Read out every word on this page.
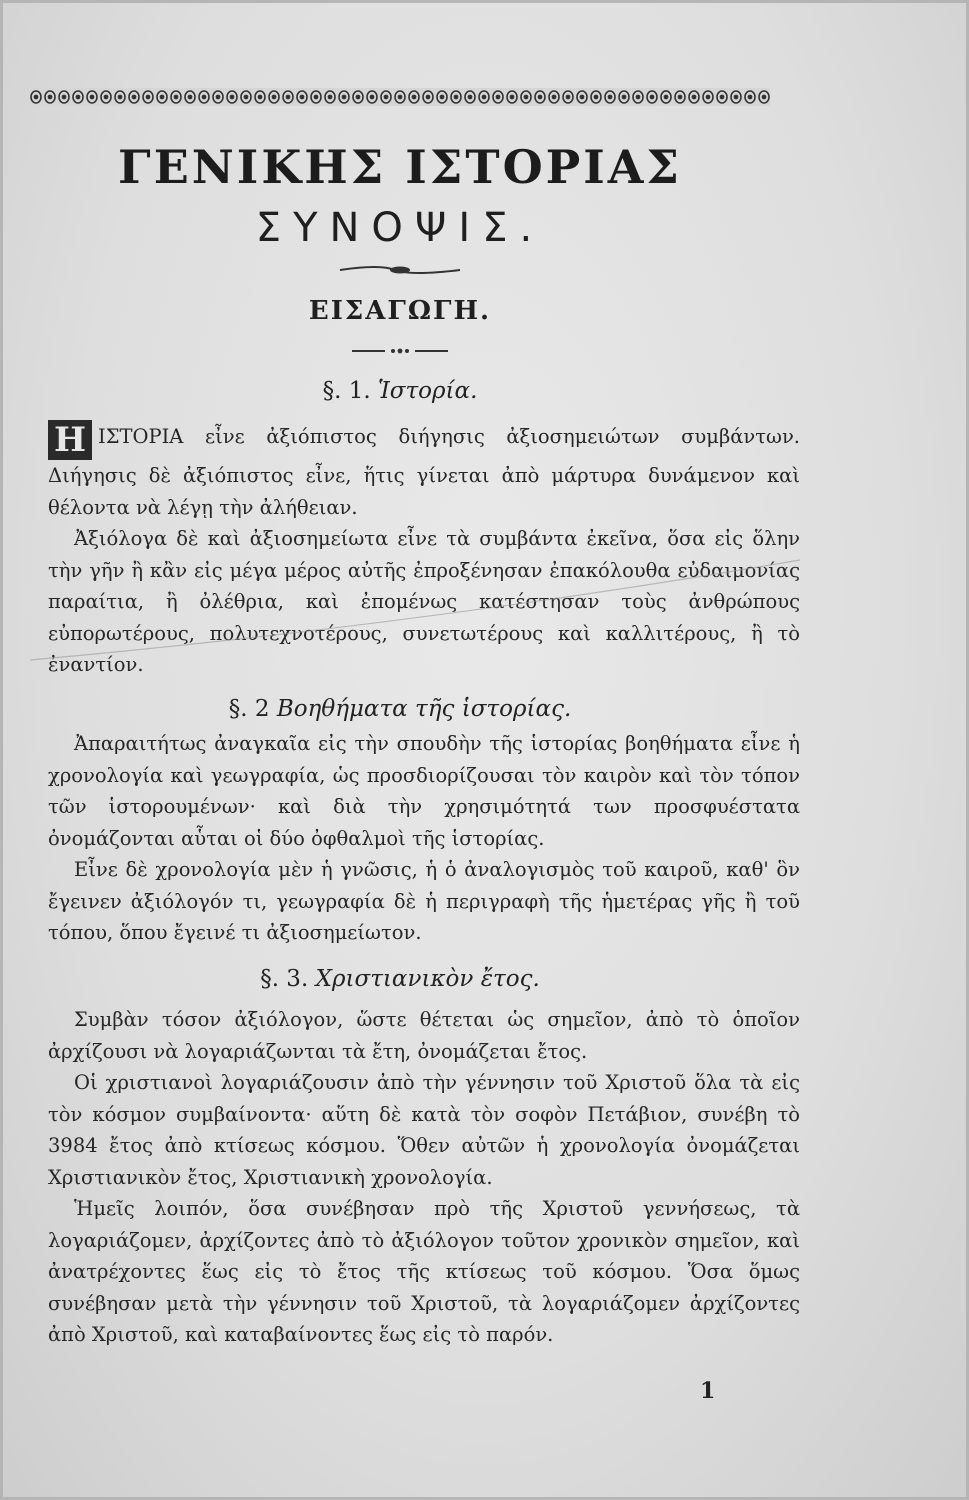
ΓΕΝΙΚΗΣ ΙΣΤΟΡΙΑΣ
ΣΥΝΟΨΙΣ.
ΕΙΣΑΓΩΓΗ.
§. 1. Ἱστορία.

Η ΙΣΤΟΡΙΑ εἶνε ἀξιόπιστος διήγησις ἀξιοσημειώτων συμβάντων. Διήγησις δὲ ἀξιόπιστος εἶνε, ἥτις γίνεται ἀπὸ μάρτυρα δυνάμενον καὶ θέλοντα νὰ λέγῃ τὴν ἀλήθειαν.

Ἀξιόλογα δὲ καὶ ἀξιοσημείωτα εἶνε τὰ συμβάντα ἐκεῖνα, ὅσα εἰς ὅλην τὴν γῆν ἢ κἂν εἰς μέγα μέρος αὐτῆς ἐπροξένησαν ἐπακόλουθα εὐδαιμονίας παραίτια, ἢ ὀλέθρια, καὶ ἐπομένως κατέστησαν τοὺς ἀνθρώπους εὐπορωτέρους, πολυτεχνοτέρους, συνετωτέρους καὶ καλλιτέρους, ἢ τὸ ἐναντίον.

§. 2 Βοηθήματα τῆς ἱστορίας.

Ἀπαραιτήτως ἀναγκαῖα εἰς τὴν σπουδὴν τῆς ἱστορίας βοηθήματα εἶνε ἡ χρονολογία καὶ γεωγραφία, ὡς προσδιορίζουσαι τὸν καιρὸν καὶ τὸν τόπον τῶν ἱστορουμένων· καὶ διὰ τὴν χρησιμότητά των προσφυέστατα ὀνομάζονται αὗται οἱ δύο ὀφθαλμοὶ τῆς ἱστορίας.

Εἶνε δὲ χρονολογία μὲν ἡ γνῶσις, ἡ ὁ ἀναλογισμὸς τοῦ καιροῦ, καθ' ὃν ἔγεινεν ἀξιόλογόν τι, γεωγραφία δὲ ἡ περιγραφὴ τῆς ἡμετέρας γῆς ἢ τοῦ τόπου, ὅπου ἔγεινέ τι ἀξιοσημείωτον.

§. 3. Χριστιανικὸν ἔτος.

Συμβὰν τόσον ἀξιόλογον, ὥστε θέτεται ὡς σημεῖον, ἀπὸ τὸ ὁποῖον ἀρχίζουσι νὰ λογαριάζωνται τὰ ἔτη, ὀνομάζεται ἔτος.

Οἱ χριστιανοὶ λογαριάζουσιν ἀπὸ τὴν γέννησιν τοῦ Χριστοῦ ὅλα τὰ εἰς τὸν κόσμον συμβαίνοντα· αὕτη δὲ κατὰ τὸν σοφὸν Πετάβιον, συνέβη τὸ 3984 ἔτος ἀπὸ κτίσεως κόσμου. Ὅθεν αὐτῶν ἡ χρονολογία ὀνομάζεται Χριστιανικὸν ἔτος, Χριστιανικὴ χρονολογία.

Ἡμεῖς λοιπόν, ὅσα συνέβησαν πρὸ τῆς Χριστοῦ γεννήσεως, τὰ λογαριάζομεν, ἀρχίζοντες ἀπὸ τὸ ἀξιόλογον τοῦτον χρονικὸν σημεῖον, καὶ ἀνατρέχοντες ἕως εἰς τὸ ἔτος τῆς κτίσεως τοῦ κόσμου. Ὅσα ὅμως συνέβησαν μετὰ τὴν γέννησιν τοῦ Χριστοῦ, τὰ λογαριάζομεν ἀρχίζοντες ἀπὸ Χριστοῦ, καὶ καταβαίνοντες ἕως εἰς τὸ παρόν.

1
